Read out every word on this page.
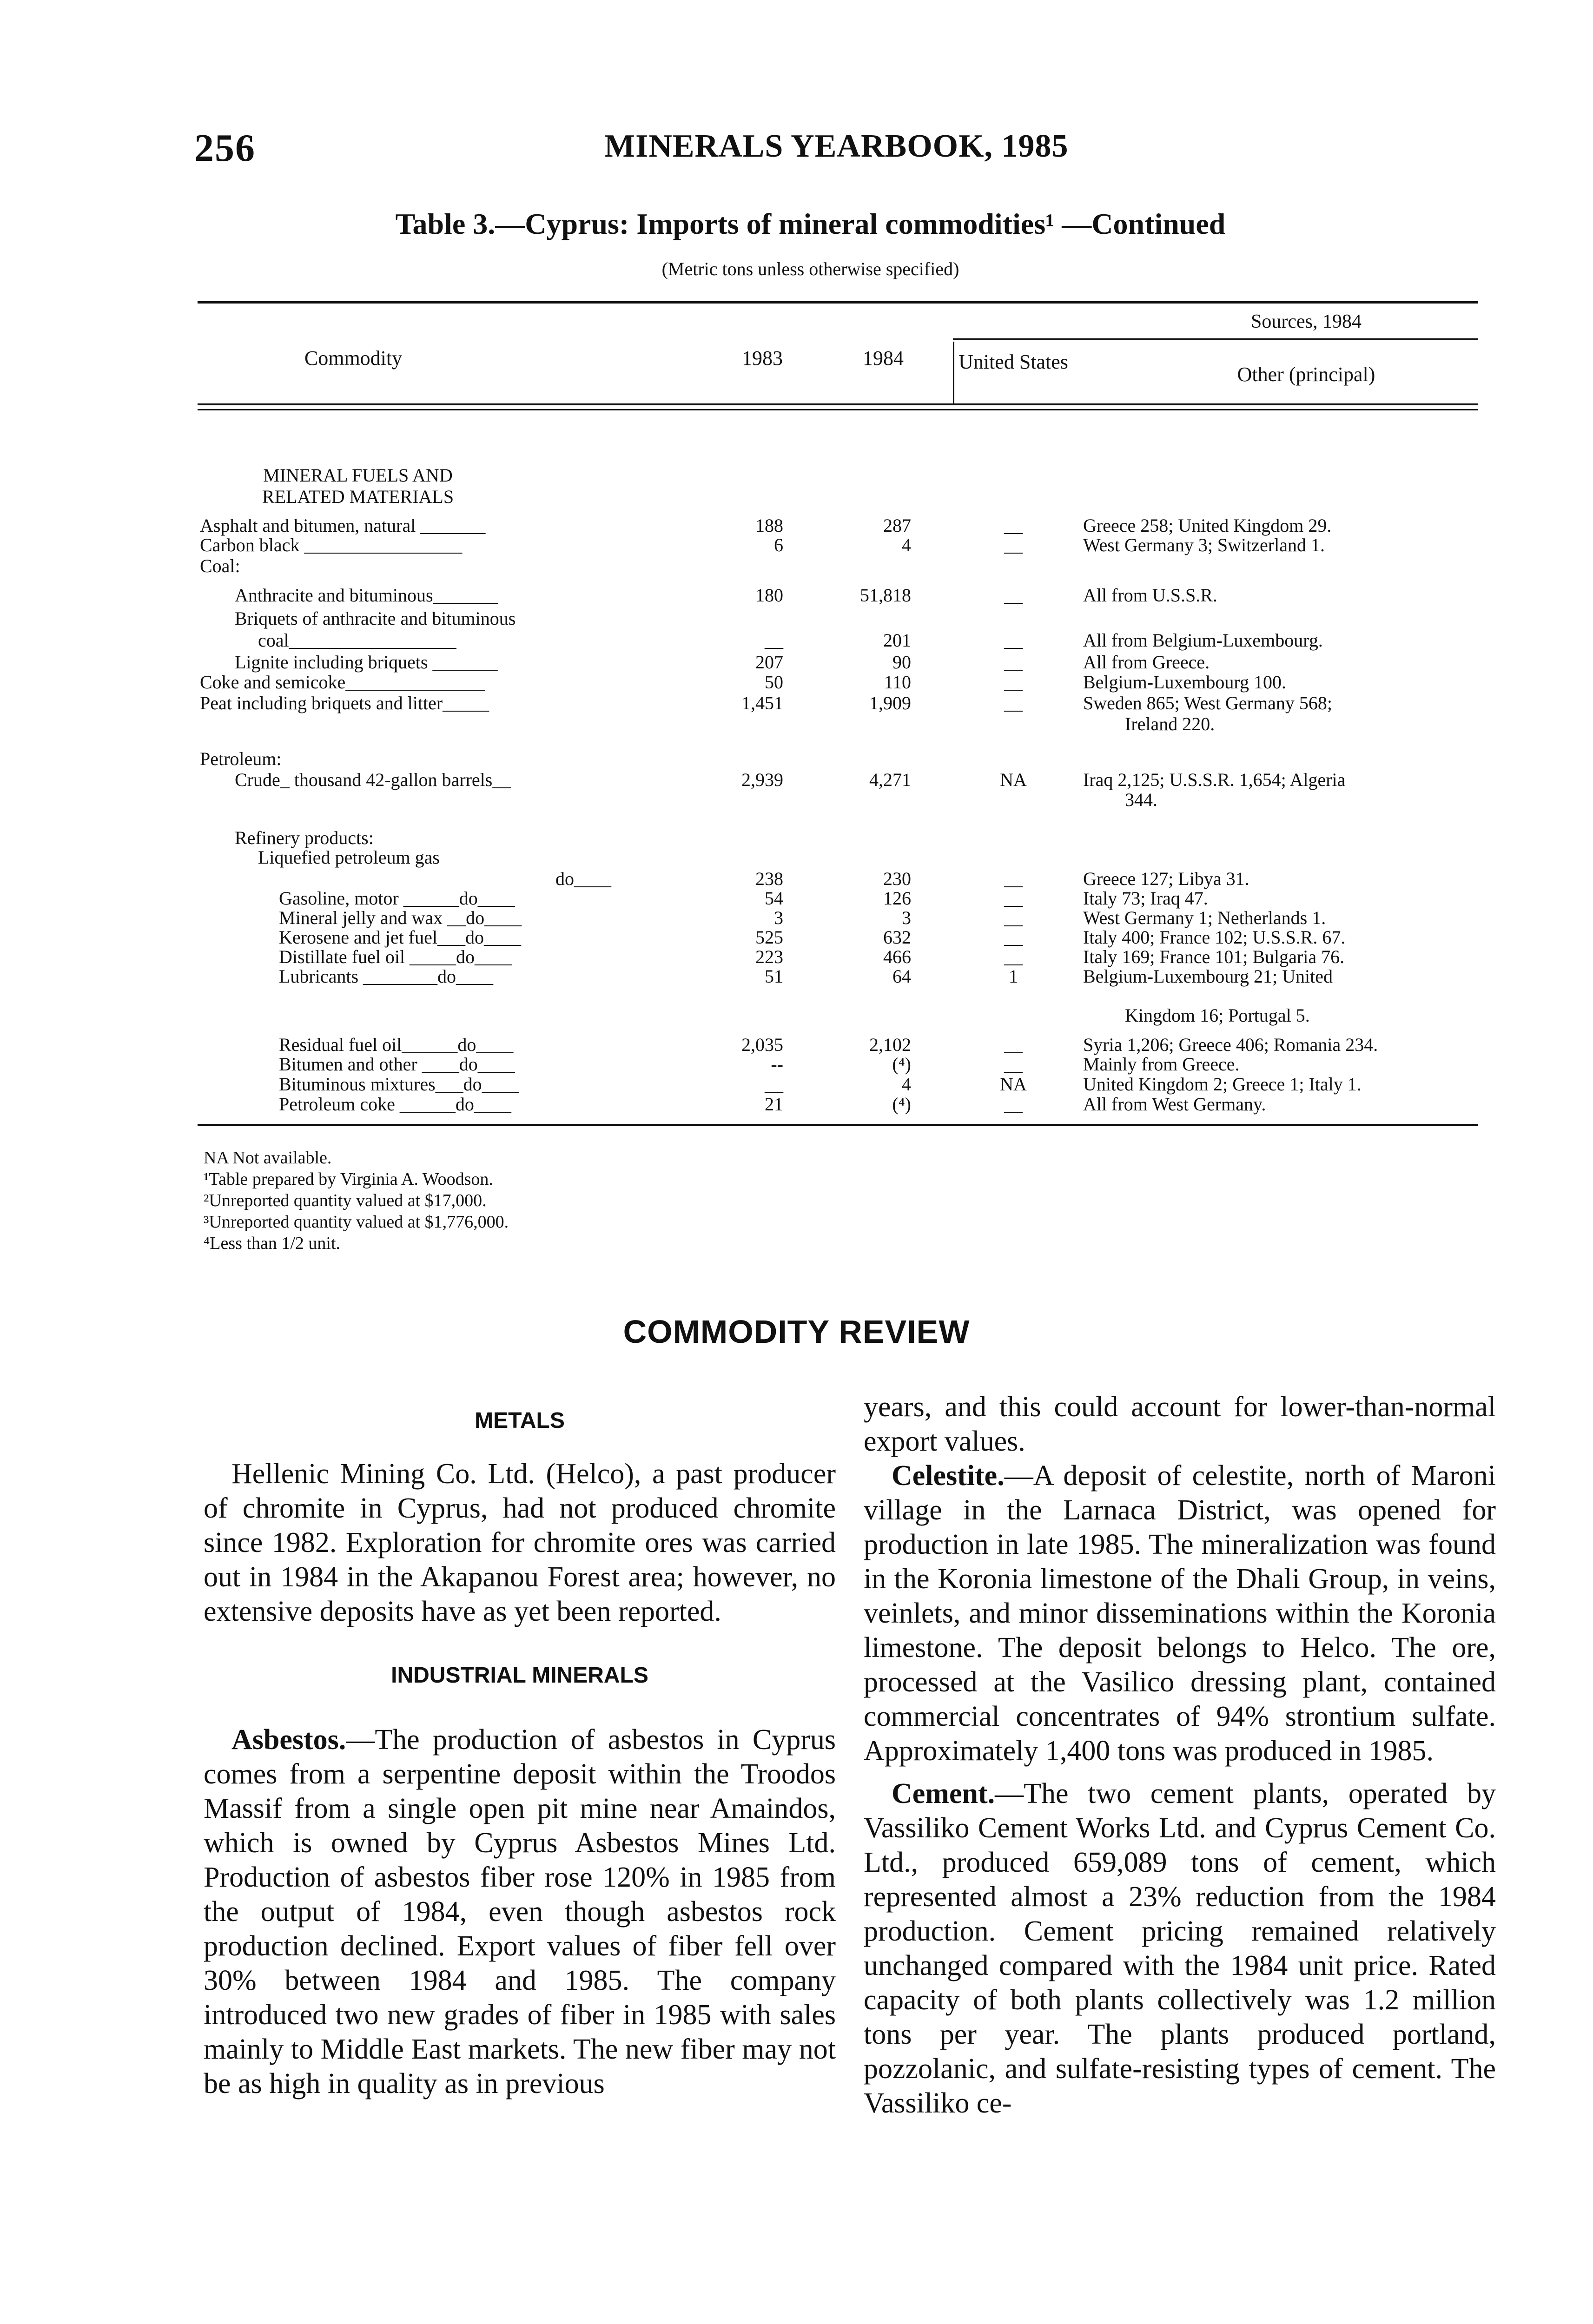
256	MINERALS YEARBOOK, 1985
Table 3.—Cyprus: Imports of mineral commodities¹ —Continued
(Metric tons unless otherwise specified)
Sources, 1984
Commodity	1983	1984	United States
Other (principal)
MINERAL FUELS AND RELATED MATERIALS
Asphalt and bitumen, natural _______	188	287	__	Greece 258; United Kingdom 29.
Carbon black _________________	6	4	__	West Germany 3; Switzerland 1.
Coal:
Anthracite and bituminous_______	180	51,818	__	All from U.S.S.R.
Briquets of anthracite and bituminous
coal__________________	__	201	__	All from Belgium-Luxembourg.
Lignite including briquets _______	207	90	__	All from Greece.
Coke and semicoke_______________	50	110	__	Belgium-Luxembourg 100.
Peat including briquets and litter_____	1,451	1,909	__	Sweden 865; West Germany 568;
Ireland 220.
Petroleum:
Crude_ thousand 42-gallon barrels__	2,939	4,271	NA	Iraq 2,125; U.S.S.R. 1,654; Algeria
344.
Refinery products:
Liquefied petroleum gas
do____	238	230	__	Greece 127; Libya 31.
Gasoline, motor ______do____	54	126	__	Italy 73; Iraq 47.
Mineral jelly and wax __do____	3	3	__	West Germany 1; Netherlands 1.
Kerosene and jet fuel___do____	525	632	__	Italy 400; France 102; U.S.S.R. 67.
Distillate fuel oil _____do____	223	466	__	Italy 169; France 101; Bulgaria 76.
Lubricants ________do____	51	64	1	Belgium-Luxembourg 21; United
Kingdom 16; Portugal 5.
Residual fuel oil______do____	2,035	2,102	__	Syria 1,206; Greece 406; Romania 234.
Bitumen and other ____do____	--	(⁴)	__	Mainly from Greece.
Bituminous mixtures___do____	__	4	NA	United Kingdom 2; Greece 1; Italy 1.
Petroleum coke ______do____	21	(⁴)	__	All from West Germany.
NA Not available.
¹Table prepared by Virginia A. Woodson.
²Unreported quantity valued at $17,000.
³Unreported quantity valued at $1,776,000.
⁴Less than 1/2 unit.
COMMODITY REVIEW
METALS

Hellenic Mining Co. Ltd. (Helco), a past producer of chromite in Cyprus, had not produced chromite since 1982. Exploration for chromite ores was carried out in 1984 in the Akapanou Forest area; however, no extensive deposits have as yet been reported.

INDUSTRIAL MINERALS

Asbestos.—The production of asbestos in Cyprus comes from a serpentine deposit within the Troodos Massif from a single open pit mine near Amaindos, which is owned by Cyprus Asbestos Mines Ltd. Production of asbestos fiber rose 120% in 1985 from the output of 1984, even though asbestos rock production declined. Export values of fiber fell over 30% between 1984 and 1985. The company introduced two new grades of fiber in 1985 with sales mainly to Middle East markets. The new fiber may not be as high in quality as in previous

years, and this could account for lower-than-normal export values.

Celestite.—A deposit of celestite, north of Maroni village in the Larnaca District, was opened for production in late 1985. The mineralization was found in the Koronia limestone of the Dhali Group, in veins, veinlets, and minor disseminations within the Koronia limestone. The deposit belongs to Helco. The ore, processed at the Vasilico dressing plant, contained commercial concentrates of 94% strontium sulfate. Approximately 1,400 tons was produced in 1985.

Cement.—The two cement plants, operated by Vassiliko Cement Works Ltd. and Cyprus Cement Co. Ltd., produced 659,089 tons of cement, which represented almost a 23% reduction from the 1984 production. Cement pricing remained relatively unchanged compared with the 1984 unit price. Rated capacity of both plants collectively was 1.2 million tons per year. The plants produced portland, pozzolanic, and sulfate-resisting types of cement. The Vassiliko ce-
